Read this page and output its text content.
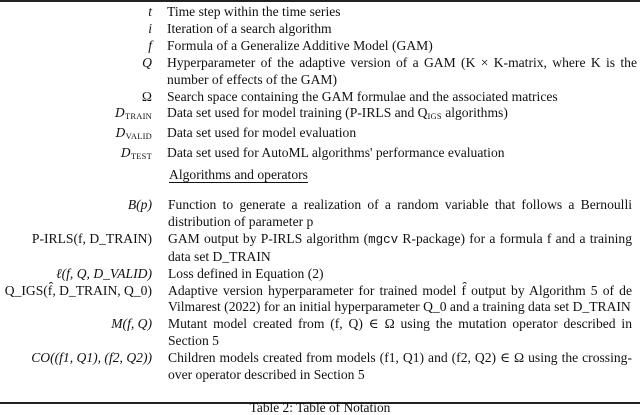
t	Time step within the time series
i	Iteration of a search algorithm
f	Formula of a Generalize Additive Model (GAM)
Q	Hyperparameter of the adaptive version of a GAM (K × K-matrix, where K is the number of effects of the GAM)
Ω	Search space containing the GAM formulae and the associated matrices
$D_{TRAIN}$	Data set used for model training (P-IRLS and $Q_{IGS}$ algorithms)
$D_{VALID}$	Data set used for model evaluation
$D_{TEST}$	Data set used for AutoML algorithms' performance evaluation
Algorithms and operators
B(p)	Function to generate a realization of a random variable that follows a Bernoulli distribution of parameter p
P-IRLS(f, D_TRAIN)	GAM output by P-IRLS algorithm (mgcv R-package) for a formula f and a training data set D_TRAIN
ℓ(f, Q, D_VALID)	Loss defined in Equation (2)
Q_IGS(f̂, D_TRAIN, Q_0)	Adaptive version hyperparameter for trained model f̂ output by Algorithm 5 of de Vilmarest (2022) for an initial hyperparameter Q_0 and a training data set D_TRAIN
M(f, Q)	Mutant model created from (f, Q) ∈ Ω using the mutation operator described in Section 5
CO((f1, Q1), (f2, Q2))	Children models created from models (f1, Q1) and (f2, Q2) ∈ Ω using the crossing-over operator described in Section 5
Table 2: Table of Notation
